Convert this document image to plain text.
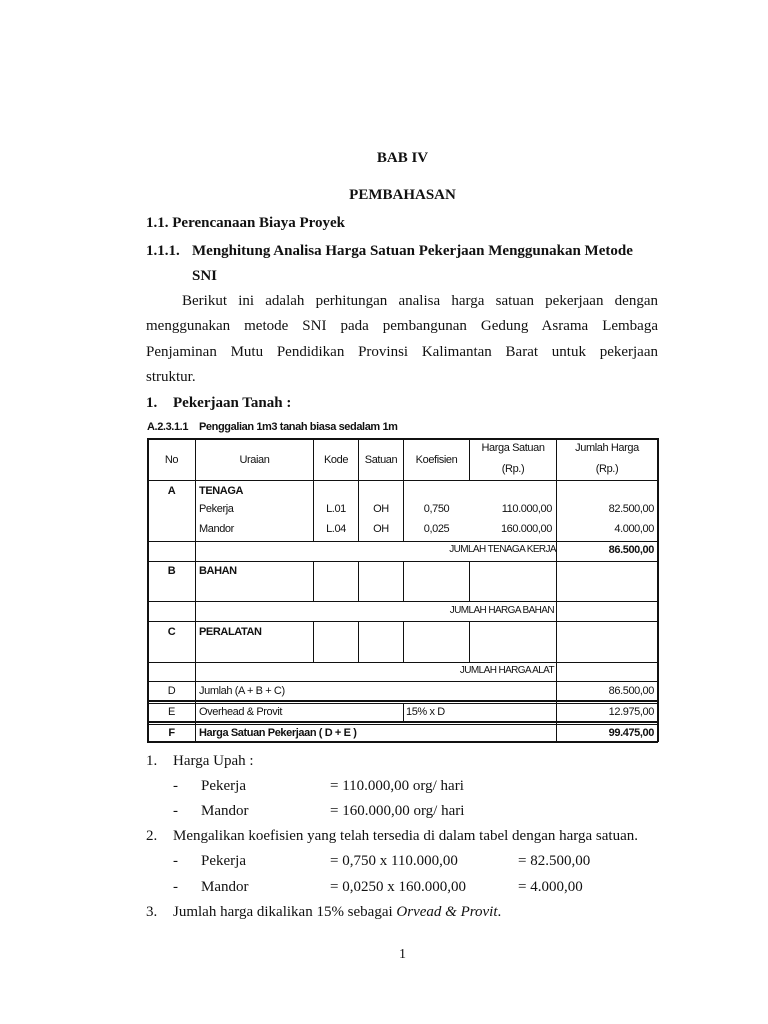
BAB IV
PEMBAHASAN
1.1. Perencanaan Biaya Proyek
1.1.1. Menghitung Analisa Harga Satuan Pekerjaan Menggunakan Metode
SNI
Berikut ini adalah perhitungan analisa harga satuan pekerjaan dengan
menggunakan metode SNI pada pembangunan Gedung Asrama Lembaga
Penjaminan Mutu Pendidikan Provinsi Kalimantan Barat untuk pekerjaan
struktur.
1. Pekerjaan Tanah :
A.2.3.1.1 Penggalian 1m3 tanah biasa sedalam 1m
No	Uraian	Kode	Satuan	Koefisien
Harga Satuan
(Rp.)
Jumlah Harga
(Rp.)
A	TENAGA
Pekerja	L.01	OH	0,750	110.000,00	82.500,00
Mandor	L.04	OH	0,025	160.000,00	4.000,00
JUMLAH TENAGA KERJA	86.500,00
B	BAHAN
JUMLAH HARGA BAHAN
C	PERALATAN
JUMLAH HARGA ALAT
D	Jumlah (A + B + C)	86.500,00
E	Overhead & Provit	15% x D	12.975,00
F	Harga Satuan Pekerjaan ( D + E )	99.475,00
1. Harga Upah :
- Pekerja	= 110.000,00 org/ hari
- Mandor	= 160.000,00 org/ hari
2. Mengalikan koefisien yang telah tersedia di dalam tabel dengan harga satuan.
- Pekerja	= 0,750 x 110.000,00	= 82.500,00
- Mandor	= 0,0250 x 160.000,00	= 4.000,00
3. Jumlah harga dikalikan 15% sebagai Orvead & Provit.
1
